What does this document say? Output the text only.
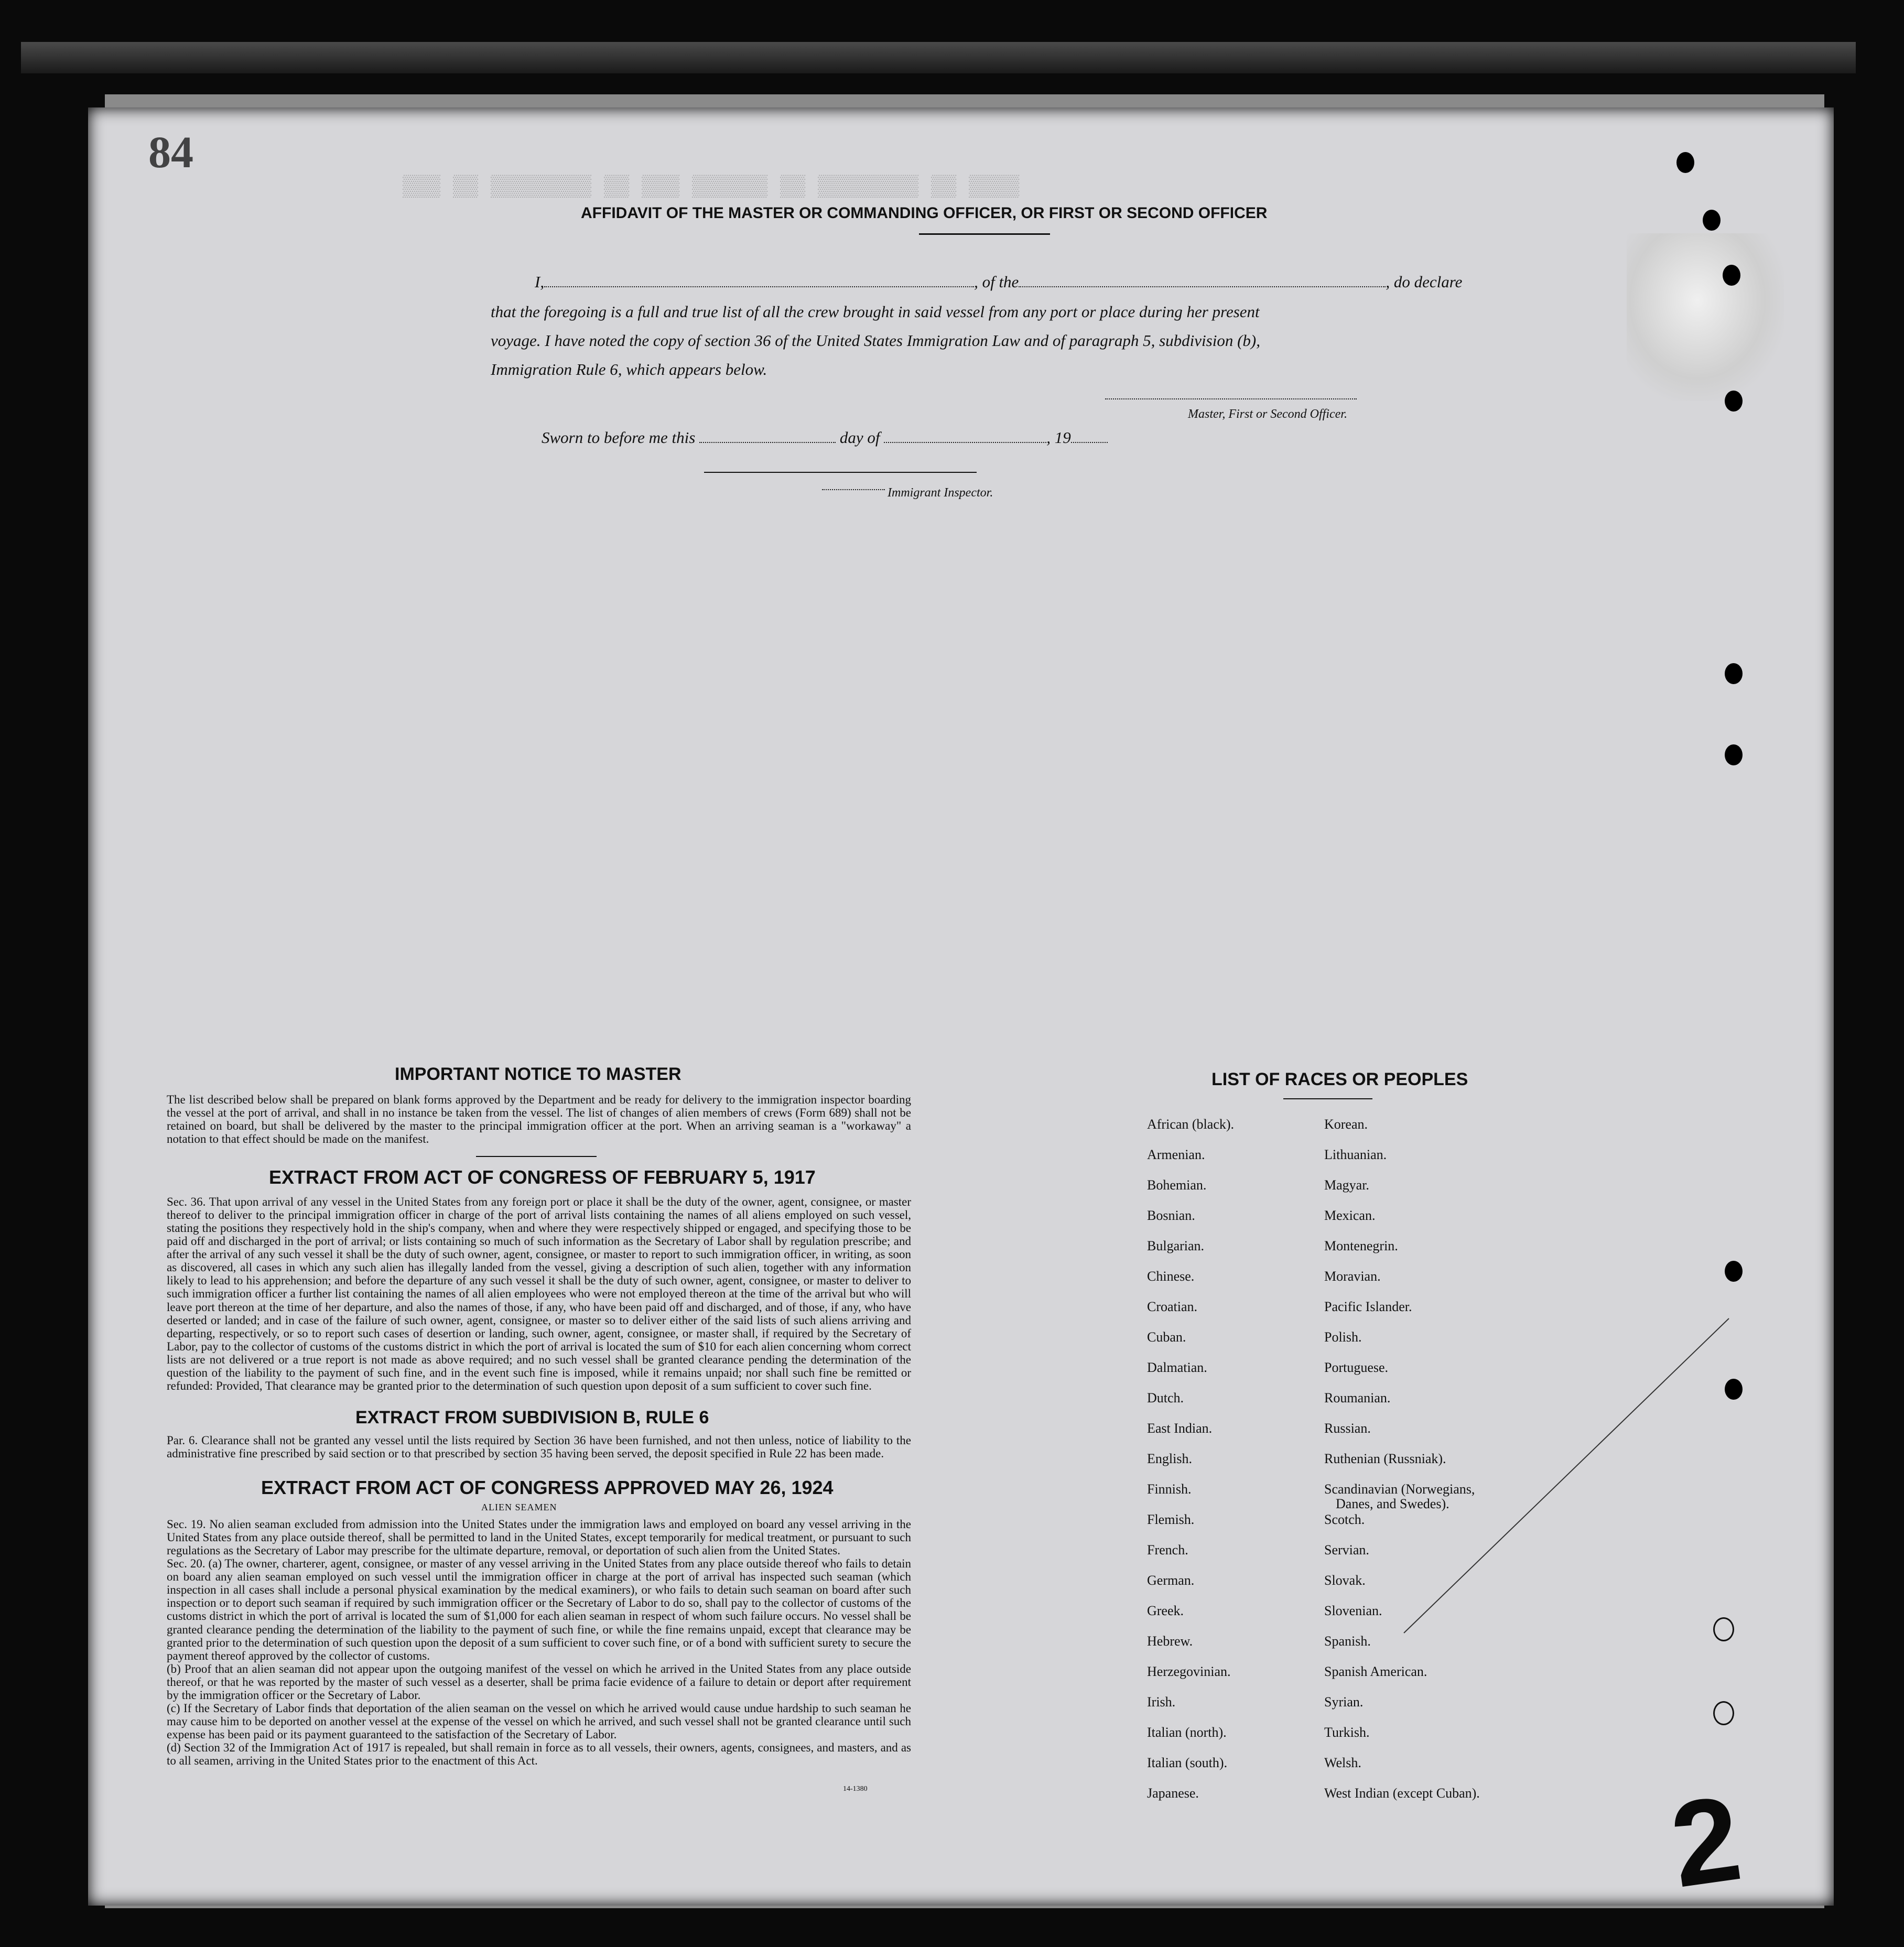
84
▒▒▒ ▒▒ ▒▒▒▒▒▒▒▒ ▒▒ ▒▒▒ ▒▒▒▒▒▒ ▒▒ ▒▒▒▒▒▒▒▒ ▒▒ ▒▒▒▒
AFFIDAVIT OF THE MASTER OR COMMANDING OFFICER, OR FIRST OR SECOND OFFICER
I,	, of the	, do declare
that the foregoing is a full and true list of all the crew brought in said vessel from any port or place during her present
voyage. I have noted the copy of section 36 of the United States Immigration Law and of paragraph 5, subdivision (b),
Immigration Rule 6, which appears below.
Master, First or Second Officer.
Sworn to before me this	day of	, 19
Immigrant Inspector.
IMPORTANT NOTICE TO MASTER
The list described below shall be prepared on blank forms approved by the Department and be ready for delivery to the immigration inspector boarding the vessel at the port of arrival, and shall in no instance be taken from the vessel. The list of changes of alien members of crews (Form 689) shall not be retained on board, but shall be delivered by the master to the principal immigration officer at the port. When an arriving seaman is a "workaway" a notation to that effect should be made on the manifest.
EXTRACT FROM ACT OF CONGRESS OF FEBRUARY 5, 1917
Sec. 36. That upon arrival of any vessel in the United States from any foreign port or place it shall be the duty of the owner, agent, consignee, or master thereof to deliver to the principal immigration officer in charge of the port of arrival lists containing the names of all aliens employed on such vessel, stating the positions they respectively hold in the ship's company, when and where they were respectively shipped or engaged, and specifying those to be paid off and discharged in the port of arrival; or lists containing so much of such information as the Secretary of Labor shall by regulation prescribe; and after the arrival of any such vessel it shall be the duty of such owner, agent, consignee, or master to report to such immigration officer, in writing, as soon as discovered, all cases in which any such alien has illegally landed from the vessel, giving a description of such alien, together with any information likely to lead to his apprehension; and before the departure of any such vessel it shall be the duty of such owner, agent, consignee, or master to deliver to such immigration officer a further list containing the names of all alien employees who were not employed thereon at the time of the arrival but who will leave port thereon at the time of her departure, and also the names of those, if any, who have been paid off and discharged, and of those, if any, who have deserted or landed; and in case of the failure of such owner, agent, consignee, or master so to deliver either of the said lists of such aliens arriving and departing, respectively, or so to report such cases of desertion or landing, such owner, agent, consignee, or master shall, if required by the Secretary of Labor, pay to the collector of customs of the customs district in which the port of arrival is located the sum of $10 for each alien concerning whom correct lists are not delivered or a true report is not made as above required; and no such vessel shall be granted clearance pending the determination of the question of the liability to the payment of such fine, and in the event such fine is imposed, while it remains unpaid; nor shall such fine be remitted or refunded: Provided, That clearance may be granted prior to the determination of such question upon deposit of a sum sufficient to cover such fine.
EXTRACT FROM SUBDIVISION B, RULE 6
Par. 6. Clearance shall not be granted any vessel until the lists required by Section 36 have been furnished, and not then unless, notice of liability to the administrative fine prescribed by said section or to that prescribed by section 35 having been served, the deposit specified in Rule 22 has been made.
EXTRACT FROM ACT OF CONGRESS APPROVED MAY 26, 1924
ALIEN SEAMEN
Sec. 19. No alien seaman excluded from admission into the United States under the immigration laws and employed on board any vessel arriving in the United States from any place outside thereof, shall be permitted to land in the United States, except temporarily for medical treatment, or pursuant to such regulations as the Secretary of Labor may prescribe for the ultimate departure, removal, or deportation of such alien from the United States.
Sec. 20. (a) The owner, charterer, agent, consignee, or master of any vessel arriving in the United States from any place outside thereof who fails to detain on board any alien seaman employed on such vessel until the immigration officer in charge at the port of arrival has inspected such seaman (which inspection in all cases shall include a personal physical examination by the medical examiners), or who fails to detain such seaman on board after such inspection or to deport such seaman if required by such immigration officer or the Secretary of Labor to do so, shall pay to the collector of customs of the customs district in which the port of arrival is located the sum of $1,000 for each alien seaman in respect of whom such failure occurs. No vessel shall be granted clearance pending the determination of the liability to the payment of such fine, or while the fine remains unpaid, except that clearance may be granted prior to the determination of such question upon the deposit of a sum sufficient to cover such fine, or of a bond with sufficient surety to secure the payment thereof approved by the collector of customs.
(b) Proof that an alien seaman did not appear upon the outgoing manifest of the vessel on which he arrived in the United States from any place outside thereof, or that he was reported by the master of such vessel as a deserter, shall be prima facie evidence of a failure to detain or deport after requirement by the immigration officer or the Secretary of Labor.
(c) If the Secretary of Labor finds that deportation of the alien seaman on the vessel on which he arrived would cause undue hardship to such seaman he may cause him to be deported on another vessel at the expense of the vessel on which he arrived, and such vessel shall not be granted clearance until such expense has been paid or its payment guaranteed to the satisfaction of the Secretary of Labor.
(d) Section 32 of the Immigration Act of 1917 is repealed, but shall remain in force as to all vessels, their owners, agents, consignees, and masters, and as to all seamen, arriving in the United States prior to the enactment of this Act.
14-1380
LIST OF RACES OR PEOPLES
African (black).
Armenian.
Bohemian.
Bosnian.
Bulgarian.
Chinese.
Croatian.
Cuban.
Dalmatian.
Dutch.
East Indian.
English.
Finnish.
Flemish.
French.
German.
Greek.
Hebrew.
Herzegovinian.
Irish.
Italian (north).
Italian (south).
Japanese.
Korean.
Lithuanian.
Magyar.
Mexican.
Montenegrin.
Moravian.
Pacific Islander.
Polish.
Portuguese.
Roumanian.
Russian.
Ruthenian (Russniak).
Scandinavian (Norwegians,
Danes, and Swedes).
Scotch.
Servian.
Slovak.
Slovenian.
Spanish.
Spanish American.
Syrian.
Turkish.
Welsh.
West Indian (except Cuban). 2
